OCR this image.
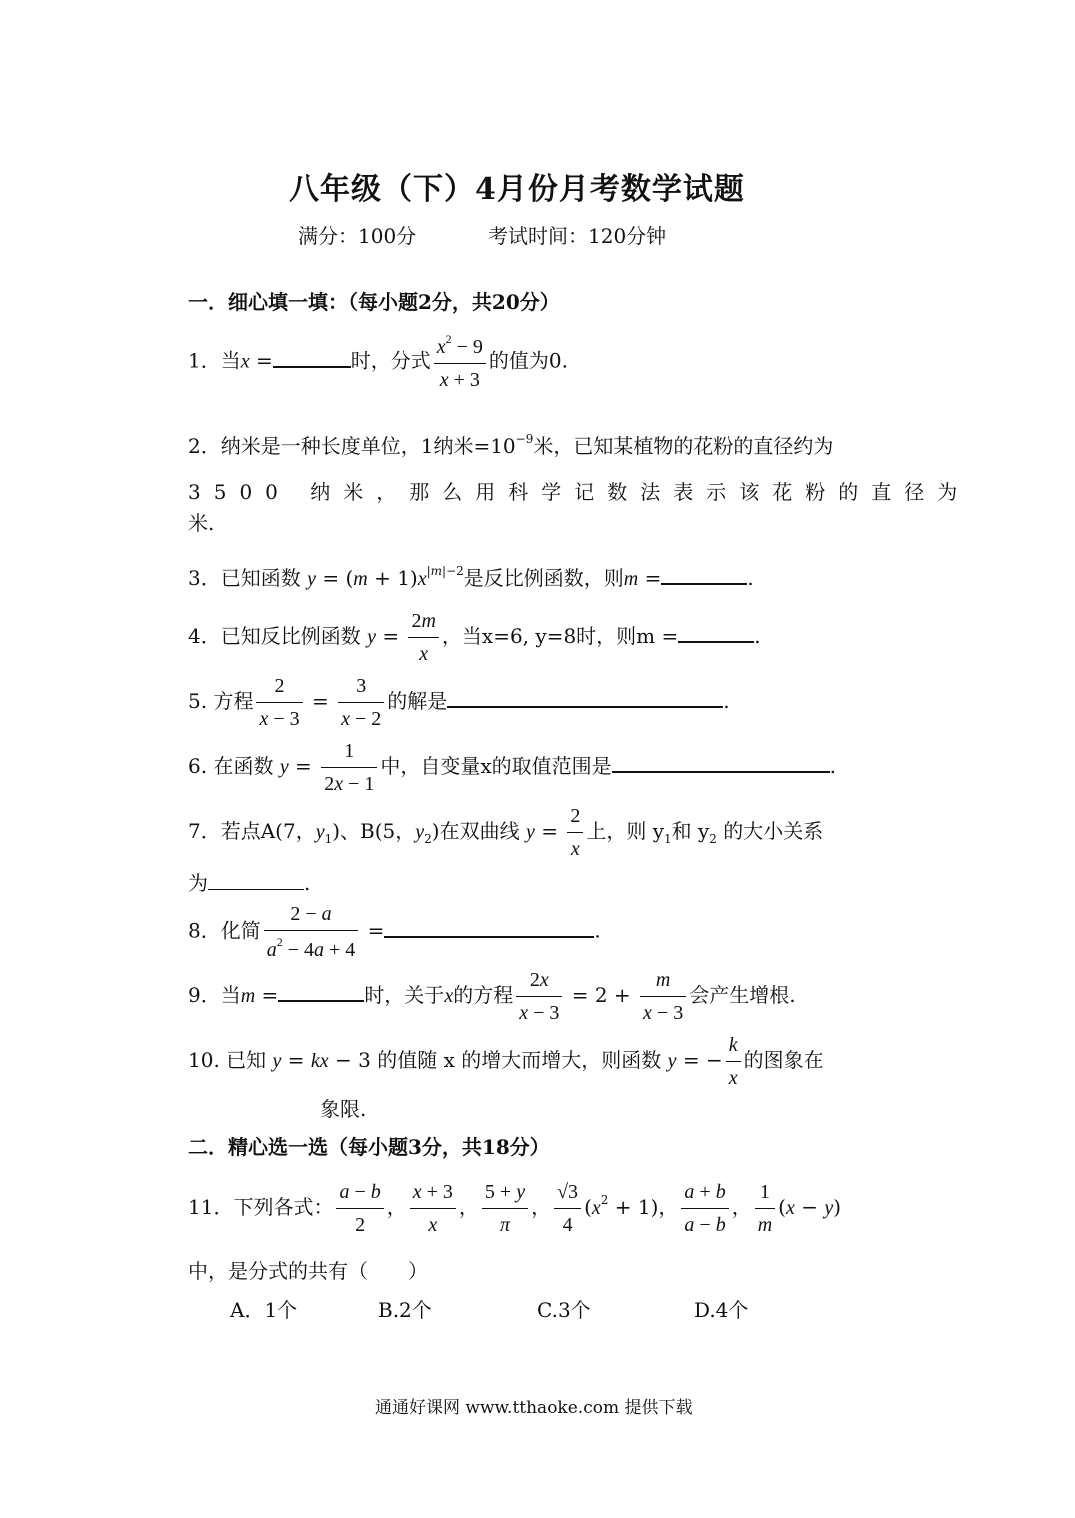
八年级（下）4月份月考数学试题
满分：100分	考试时间：120分钟
一．细心填一填：（每小题2分，共20分）
1．当x =	时，分式 $\frac{x^2 - 9}{x + 3}$ 的值为0.
2．纳米是一种长度单位，1纳米$=10^{-9}$米，已知某植物的花粉的直径约为
3500 纳米，那么用科学记数法表示该花粉的直径为
米.
3．已知函数 $y = (m + 1)x^{|m|-2}$是反比例函数，则m =	.
4．已知反比例函数 $y = \frac{2m}{x}$ ，当x=6, y=8时，则m =	.
5. 方程 $\frac{2}{x - 3} = \frac{3}{x - 2}$ 的解是	.
6. 在函数 $y = \frac{1}{2x - 1}$ 中，自变量x的取值范围是	.
7．若点A(7，$y_1$)、B(5，$y_2$)在双曲线 $y = \frac{2}{x}$ 上，则 $y_1$和 $y_2$ 的大小关系
为	.
8．化简 $\frac{2 - a}{a^2 - 4a + 4}$ =	.
9．当m =	时，关于x的方程 $\frac{2x}{x - 3} = 2 + \frac{m}{x - 3}$ 会产生增根.
10. 已知 y = kx − 3 的值随 x 的增大而增大，则函数 y = − $\frac{k}{x}$ 的图象在
象限.
二．精心选一选（每小题3分，共18分）
11．下列各式： $\frac{a - b}{2}$ ， $\frac{x + 3}{x}$ ， $\frac{5 + y}{\pi}$ ， $\frac{√3}{4} (x^2 + 1)$， $\frac{a + b}{a - b}$ ， $\frac{1}{m} (x - y)$
中，是分式的共有（　　）
A．1个	B.2个	C.3个	D.4个
通通好课网 www.tthaoke.com 提供下载
